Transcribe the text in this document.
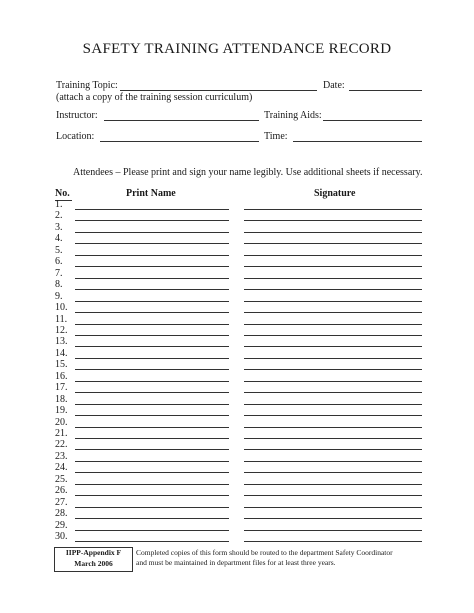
SAFETY TRAINING ATTENDANCE RECORD
Training Topic:	Date:
(attach a copy of the training session curriculum)
Instructor:	Training Aids:
Location:	Time:
Attendees – Please print and sign your name legibly. Use additional sheets if necessary.
No.	Print Name	Signature
1.
2.
3.
4.
5.
6.
7.
8.
9.
10.
11.
12.
13.
14.
15.
16.
17.
18.
19.
20.
21.
22.
23.
24.
25.
26.
27.
28.
29.
30.
IIPP-Appendix F
March 2006
Completed copies of this form should be routed to the department Safety Coordinator
and must be maintained in department files for at least three years.
